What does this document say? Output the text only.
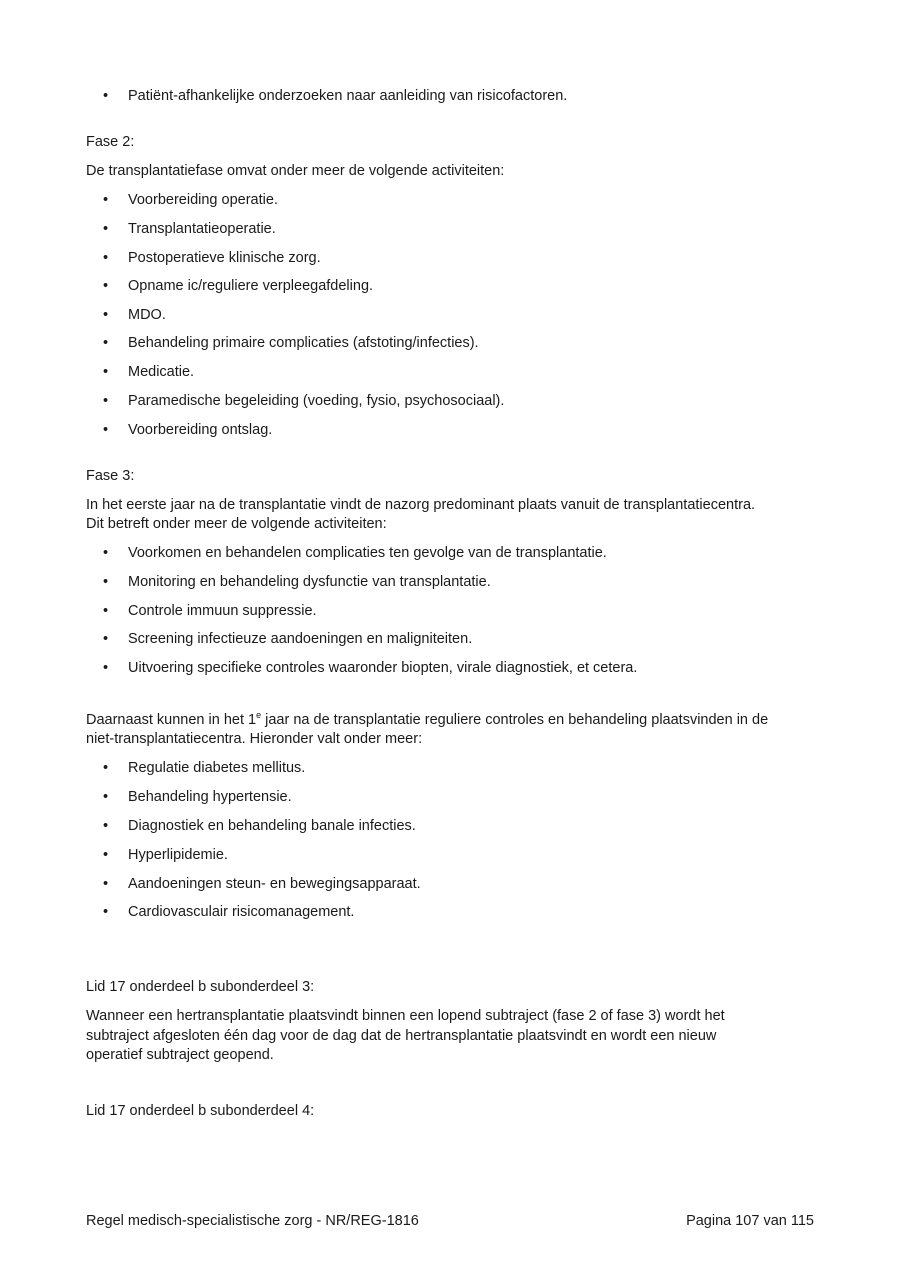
• Patiënt-afhankelijke onderzoeken naar aanleiding van risicofactoren.
Fase 2:
De transplantatiefase omvat onder meer de volgende activiteiten:
• Voorbereiding operatie.
• Transplantatieoperatie.
• Postoperatieve klinische zorg.
• Opname ic/reguliere verpleegafdeling.
• MDO.
• Behandeling primaire complicaties (afstoting/infecties).
• Medicatie.
• Paramedische begeleiding (voeding, fysio, psychosociaal).
• Voorbereiding ontslag.
Fase 3:
In het eerste jaar na de transplantatie vindt de nazorg predominant plaats vanuit de transplantatiecentra.
Dit betreft onder meer de volgende activiteiten:
• Voorkomen en behandelen complicaties ten gevolge van de transplantatie.
• Monitoring en behandeling dysfunctie van transplantatie.
• Controle immuun suppressie.
• Screening infectieuze aandoeningen en maligniteiten.
• Uitvoering specifieke controles waaronder biopten, virale diagnostiek, et cetera.
Daarnaast kunnen in het 1e jaar na de transplantatie reguliere controles en behandeling plaatsvinden in de
niet-transplantatiecentra. Hieronder valt onder meer:
• Regulatie diabetes mellitus.
• Behandeling hypertensie.
• Diagnostiek en behandeling banale infecties.
• Hyperlipidemie.
• Aandoeningen steun- en bewegingsapparaat.
• Cardiovasculair risicomanagement.
Lid 17 onderdeel b subonderdeel 3:
Wanneer een hertransplantatie plaatsvindt binnen een lopend subtraject (fase 2 of fase 3) wordt het
subtraject afgesloten één dag voor de dag dat de hertransplantatie plaatsvindt en wordt een nieuw
operatief subtraject geopend.
Lid 17 onderdeel b subonderdeel 4:
Regel medisch-specialistische zorg - NR/REG-1816	Pagina 107 van 115
